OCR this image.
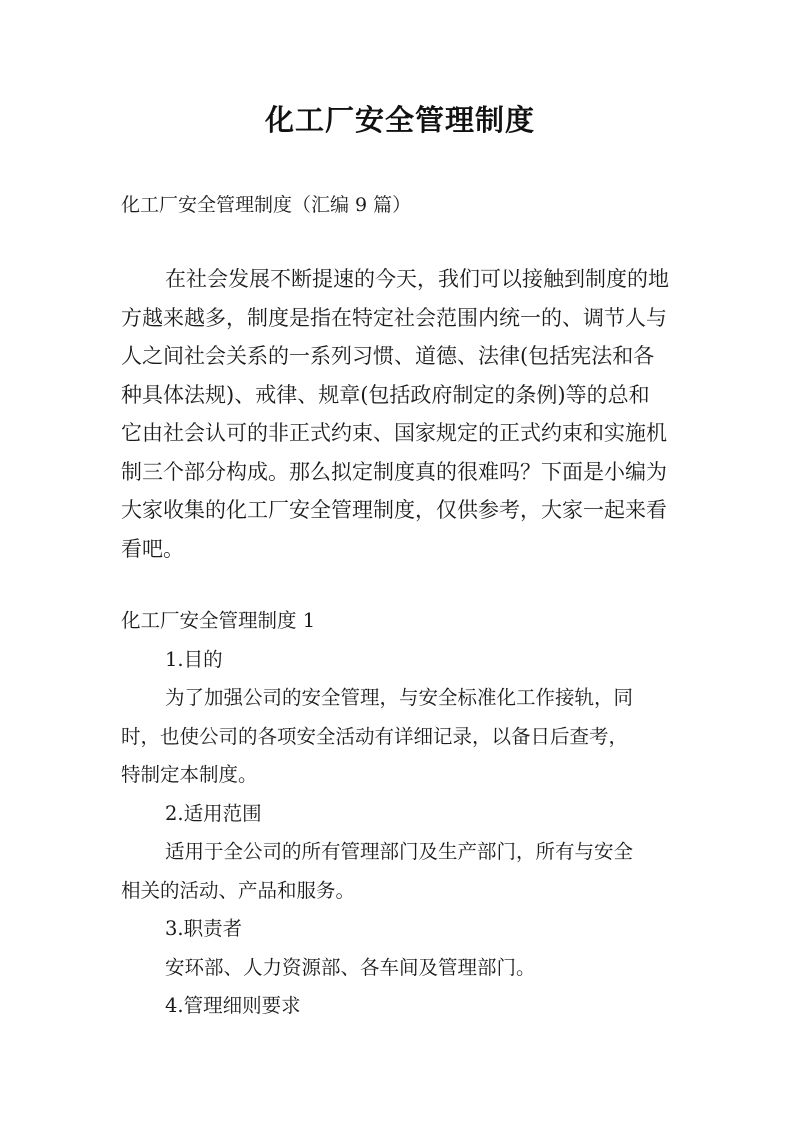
化工厂安全管理制度
化工厂安全管理制度（汇编 9 篇）
在社会发展不断提速的今天，我们可以接触到制度的地
方越来越多，制度是指在特定社会范围内统一的、调节人与
人之间社会关系的一系列习惯、道德、法律(包括宪法和各
种具体法规)、戒律、规章(包括政府制定的条例)等的总和
它由社会认可的非正式约束、国家规定的正式约束和实施机
制三个部分构成。那么拟定制度真的很难吗？下面是小编为
大家收集的化工厂安全管理制度，仅供参考，大家一起来看
看吧。
化工厂安全管理制度 1
1.目的
为了加强公司的安全管理，与安全标准化工作接轨，同
时，也使公司的各项安全活动有详细记录，以备日后查考，
特制定本制度。
2.适用范围
适用于全公司的所有管理部门及生产部门，所有与安全
相关的活动、产品和服务。
3.职责者
安环部、人力资源部、各车间及管理部门。
4.管理细则要求
